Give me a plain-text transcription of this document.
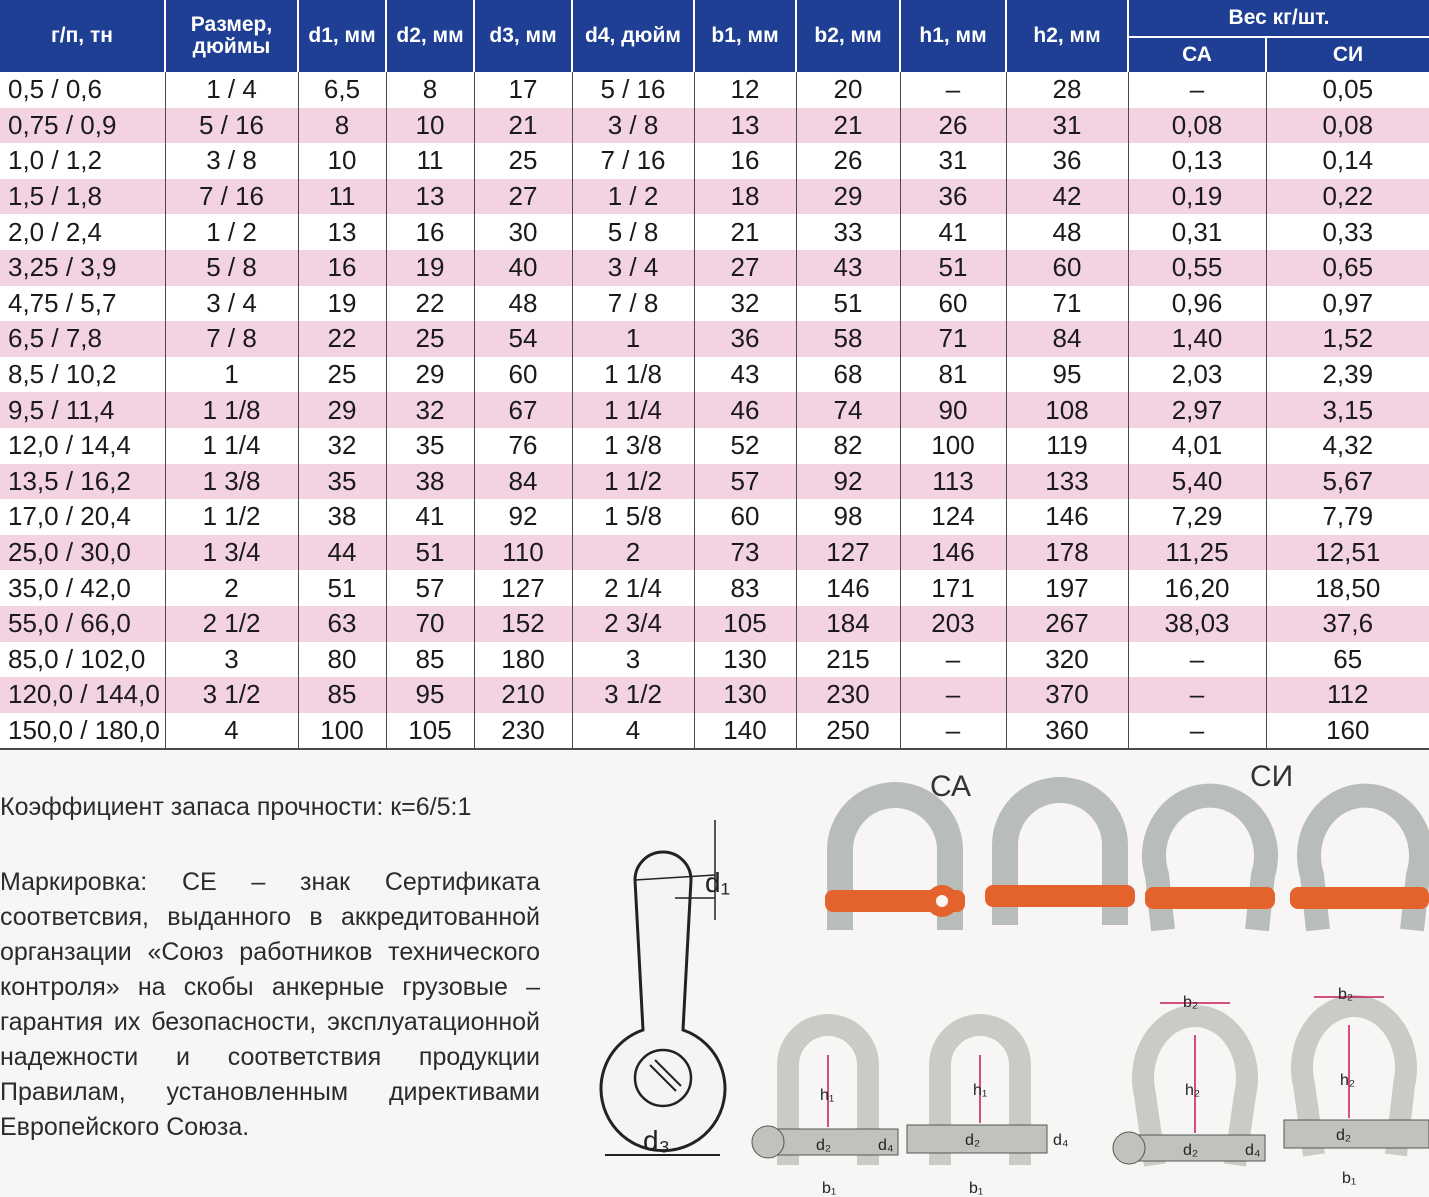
г/п, тн	Размер, дюймы	d1, мм	d2, мм	d3, мм	d4, дюйм	b1, мм	b2, мм	h1, мм	h2, мм	Вес кг/шт.	
										СА	СИ
0,5 / 0,6	1 / 4	6,5	8	17	5 / 16	12	20	–	28	–	0,05
0,75 / 0,9	5 / 16	8	10	21	3 / 8	13	21	26	31	0,08	0,08
1,0 / 1,2	3 / 8	10	11	25	7 / 16	16	26	31	36	0,13	0,14
1,5 / 1,8	7 / 16	11	13	27	1 / 2	18	29	36	42	0,19	0,22
2,0 / 2,4	1 / 2	13	16	30	5 / 8	21	33	41	48	0,31	0,33
3,25 / 3,9	5 / 8	16	19	40	3 / 4	27	43	51	60	0,55	0,65
4,75 / 5,7	3 / 4	19	22	48	7 / 8	32	51	60	71	0,96	0,97
6,5 / 7,8	7 / 8	22	25	54	1	36	58	71	84	1,40	1,52
8,5 / 10,2	1	25	29	60	1 1/8	43	68	81	95	2,03	2,39
9,5 / 11,4	1 1/8	29	32	67	1 1/4	46	74	90	108	2,97	3,15
12,0 / 14,4	1 1/4	32	35	76	1 3/8	52	82	100	119	4,01	4,32
13,5 / 16,2	1 3/8	35	38	84	1 1/2	57	92	113	133	5,40	5,67
17,0 / 20,4	1 1/2	38	41	92	1 5/8	60	98	124	146	7,29	7,79
25,0 / 30,0	1 3/4	44	51	110	2	73	127	146	178	11,25	12,51
35,0 / 42,0	2	51	57	127	2 1/4	83	146	171	197	16,20	18,50
55,0 / 66,0	2 1/2	63	70	152	2 3/4	105	184	203	267	38,03	37,6
85,0 / 102,0	3	80	85	180	3	130	215	–	320	–	65
120,0 / 144,0	3 1/2	85	95	210	3 1/2	130	230	–	370	–	112
150,0 / 180,0	4	100	105	230	4	140	250	–	360	–	160
Коэффициент запаса прочности: к=6/5:1
Маркировка: СЕ – знак Сертификата соответсвия, выданного в аккредитованной органзации «Союз работников технического контроля» на скобы анкерные грузовые – гарантия их безопасности, эксплуатационной надежности и соответствия продукции Правилам, установленным директивами Европейского Союза.
СА	СИ
d₁
d₃
h₁
d₂	d₄
b₁
h₁
d₂	d₄
b₁
b₂
h₂
d₂	d₄
b₂
h₂
d₂
b₁
